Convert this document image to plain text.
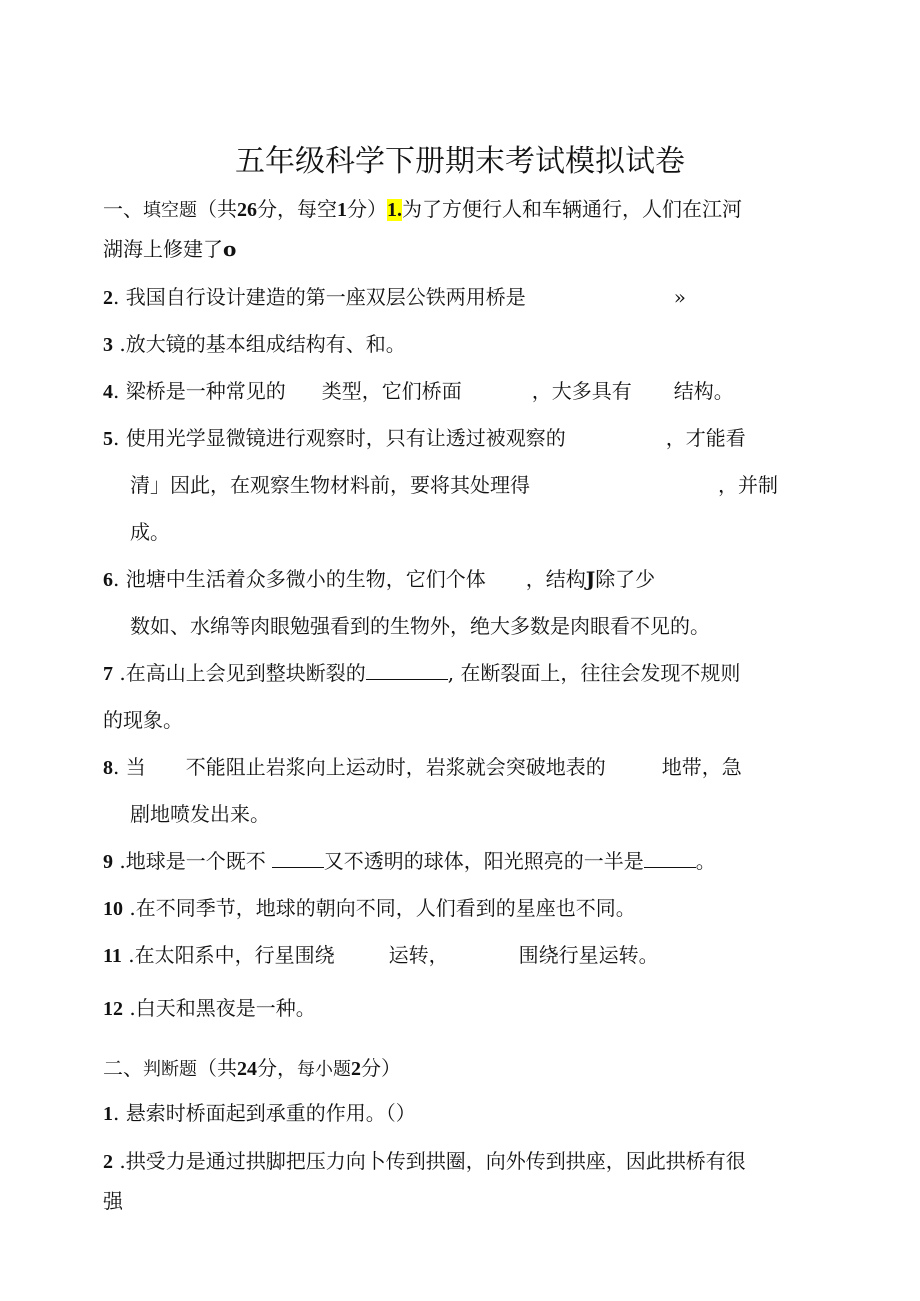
五年级科学下册期末考试模拟试卷
一、填空题（共26分，每空1分）1.为了方便行人和车辆通行，人们在江河
湖海上修建了o
2. 我国自行设计建造的第一座双层公铁两用桥是	»
3 .放大镜的基本组成结构有、和。
4. 梁桥是一种常见的 类型，它们桥面	，大多具有 结构。
5. 使用光学显微镜进行观察时，只有让透过被观察的	，才能看
清」因此，在观察生物材料前，要将其处理得	，并制
成。
6. 池塘中生活着众多微小的生物，它们个体 ，结构J除了少
数如、水绵等肉眼勉强看到的生物外，绝大多数是肉眼看不见的。
7 .在高山上会见到整块断裂的	, 在断裂面上，往往会发现不规则
的现象。
8. 当 不能阻止岩浆向上运动时，岩浆就会突破地表的	地带，急
剧地喷发出来。
9 .地球是一个既不	又不透明的球体，阳光照亮的一半是	。
10 .在不同季节，地球的朝向不同，人们看到的星座也不同。
11 .在太阳系中，行星围绕	运转，	围绕行星运转。
12 .白天和黑夜是一种。
二、判断题（共24分，每小题2分）
1. 悬索时桥面起到承重的作用。（）
2 .拱受力是通过拱脚把压力向卜传到拱圈，向外传到拱座，因此拱桥有很
强
